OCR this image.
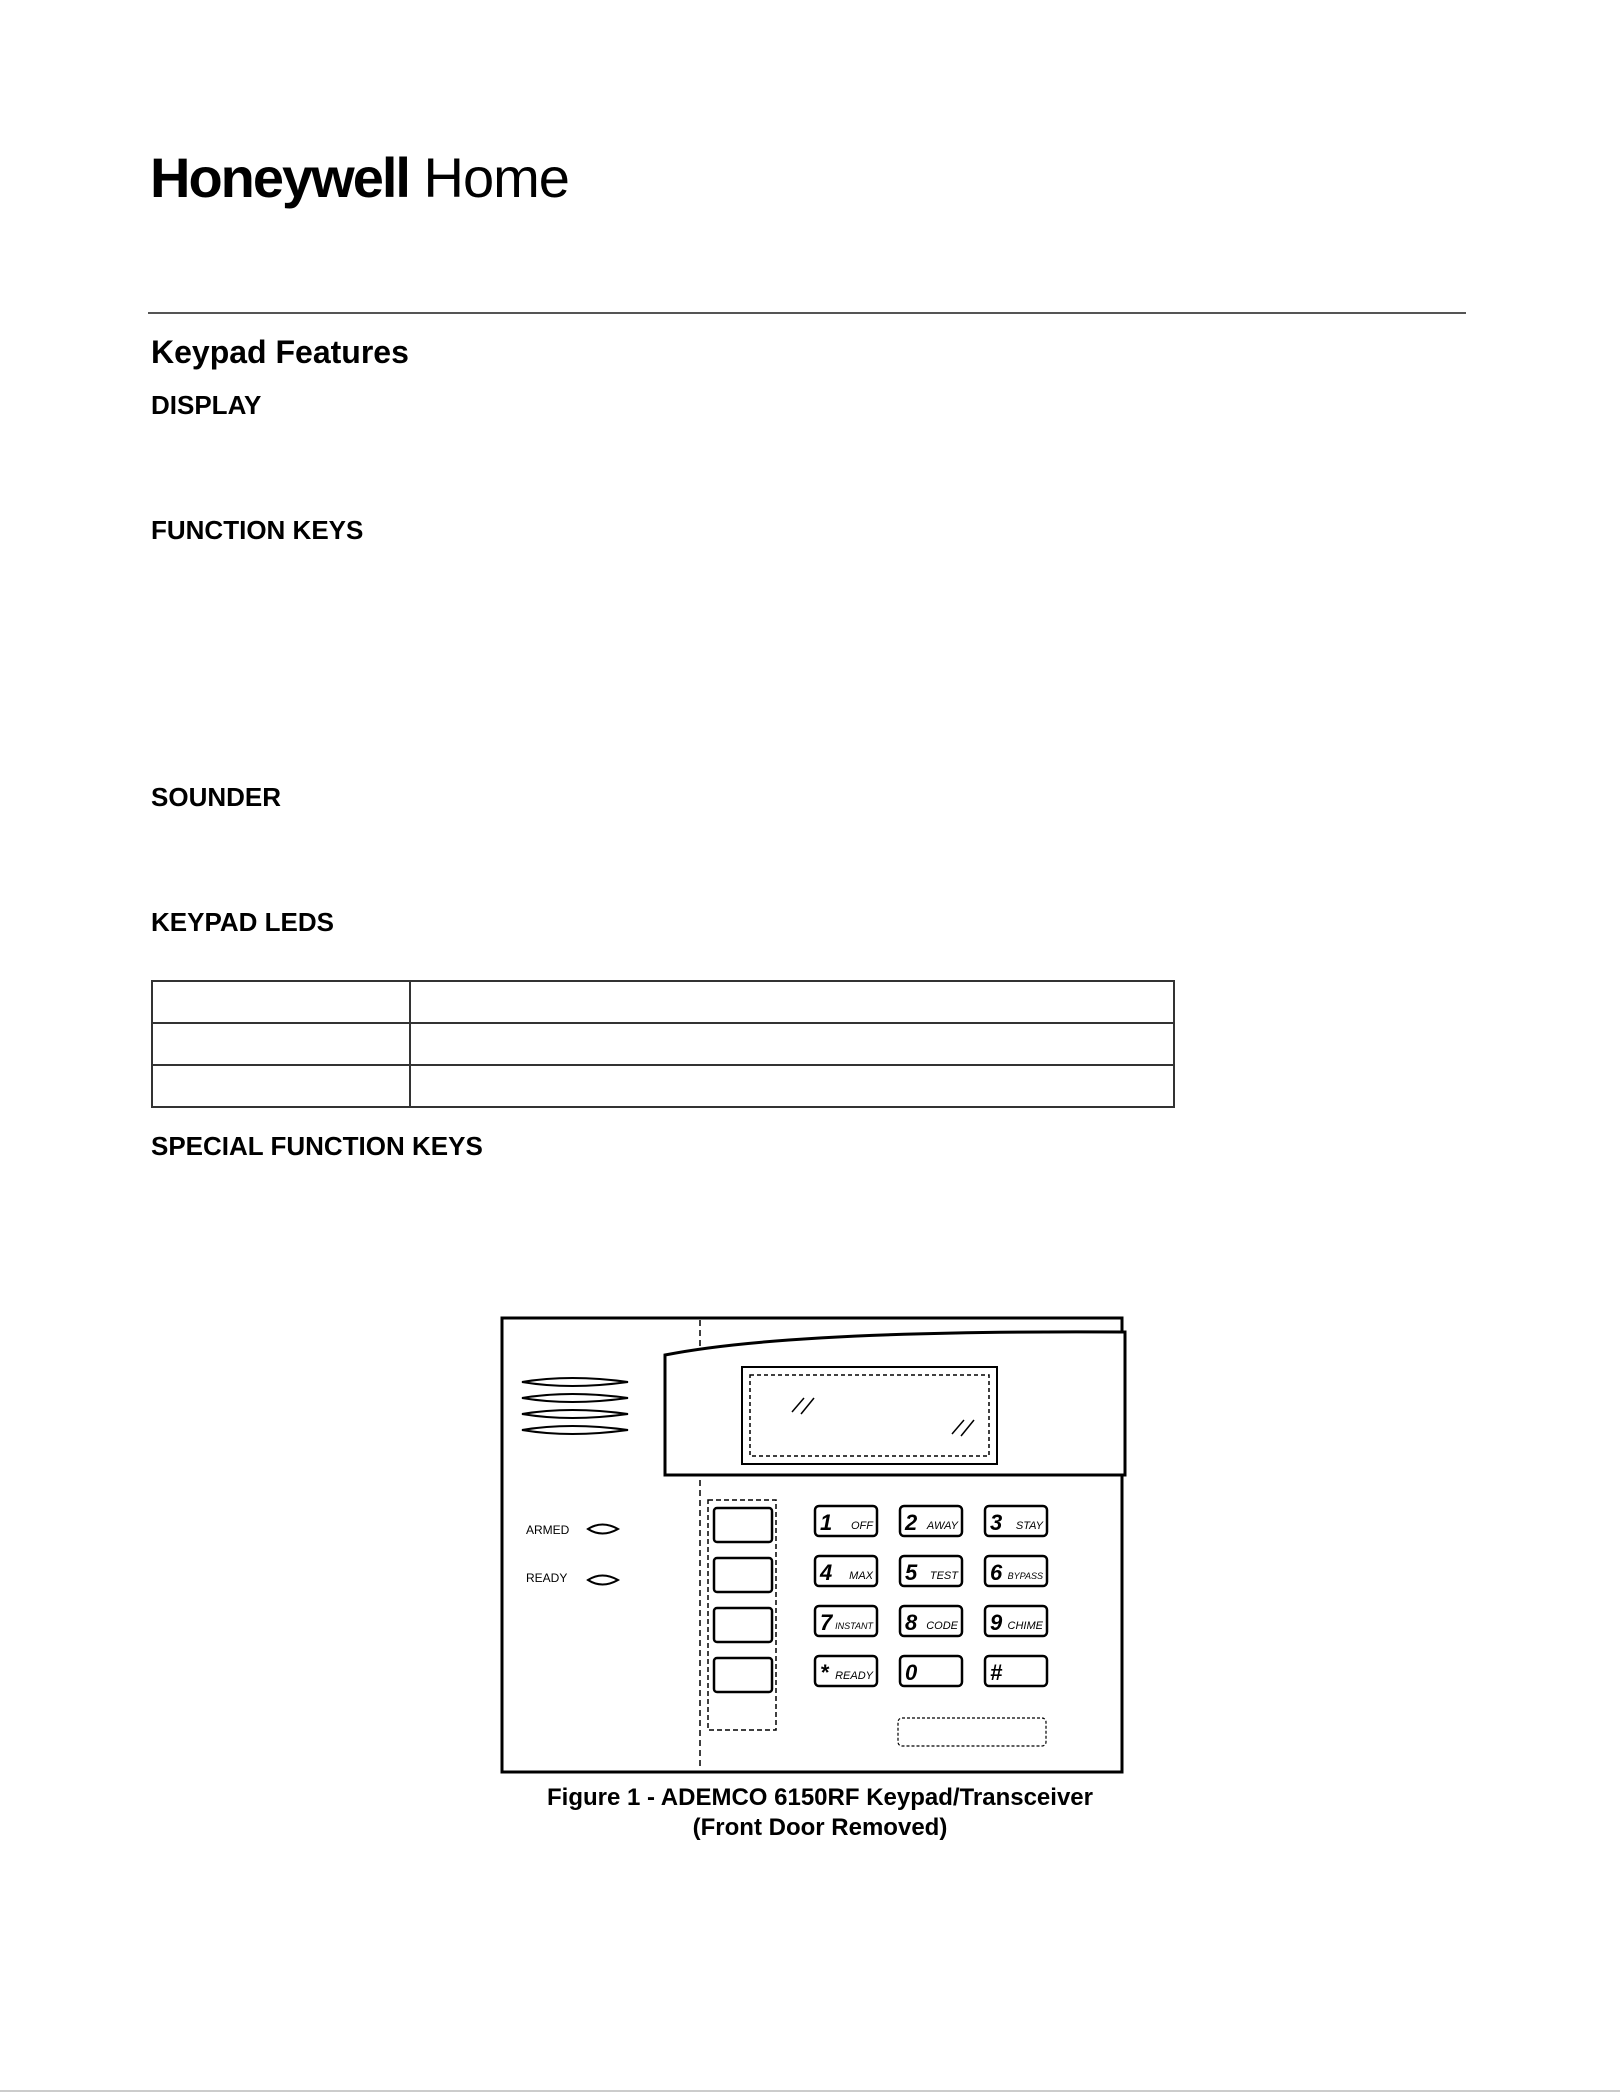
Honeywell Home
Keypad Features
DISPLAY
FUNCTION KEYS
SOUNDER
KEYPAD LEDS

SPECIAL FUNCTION KEYS
ARMED
READY
1 OFF 2 AWAY 3 STAY
4 MAX 5 TEST 6 BYPASS
7 INSTANT 8 CODE 9 CHIME
* READY 0	#
Figure 1 - ADEMCO 6150RF Keypad/Transceiver
(Front Door Removed)
